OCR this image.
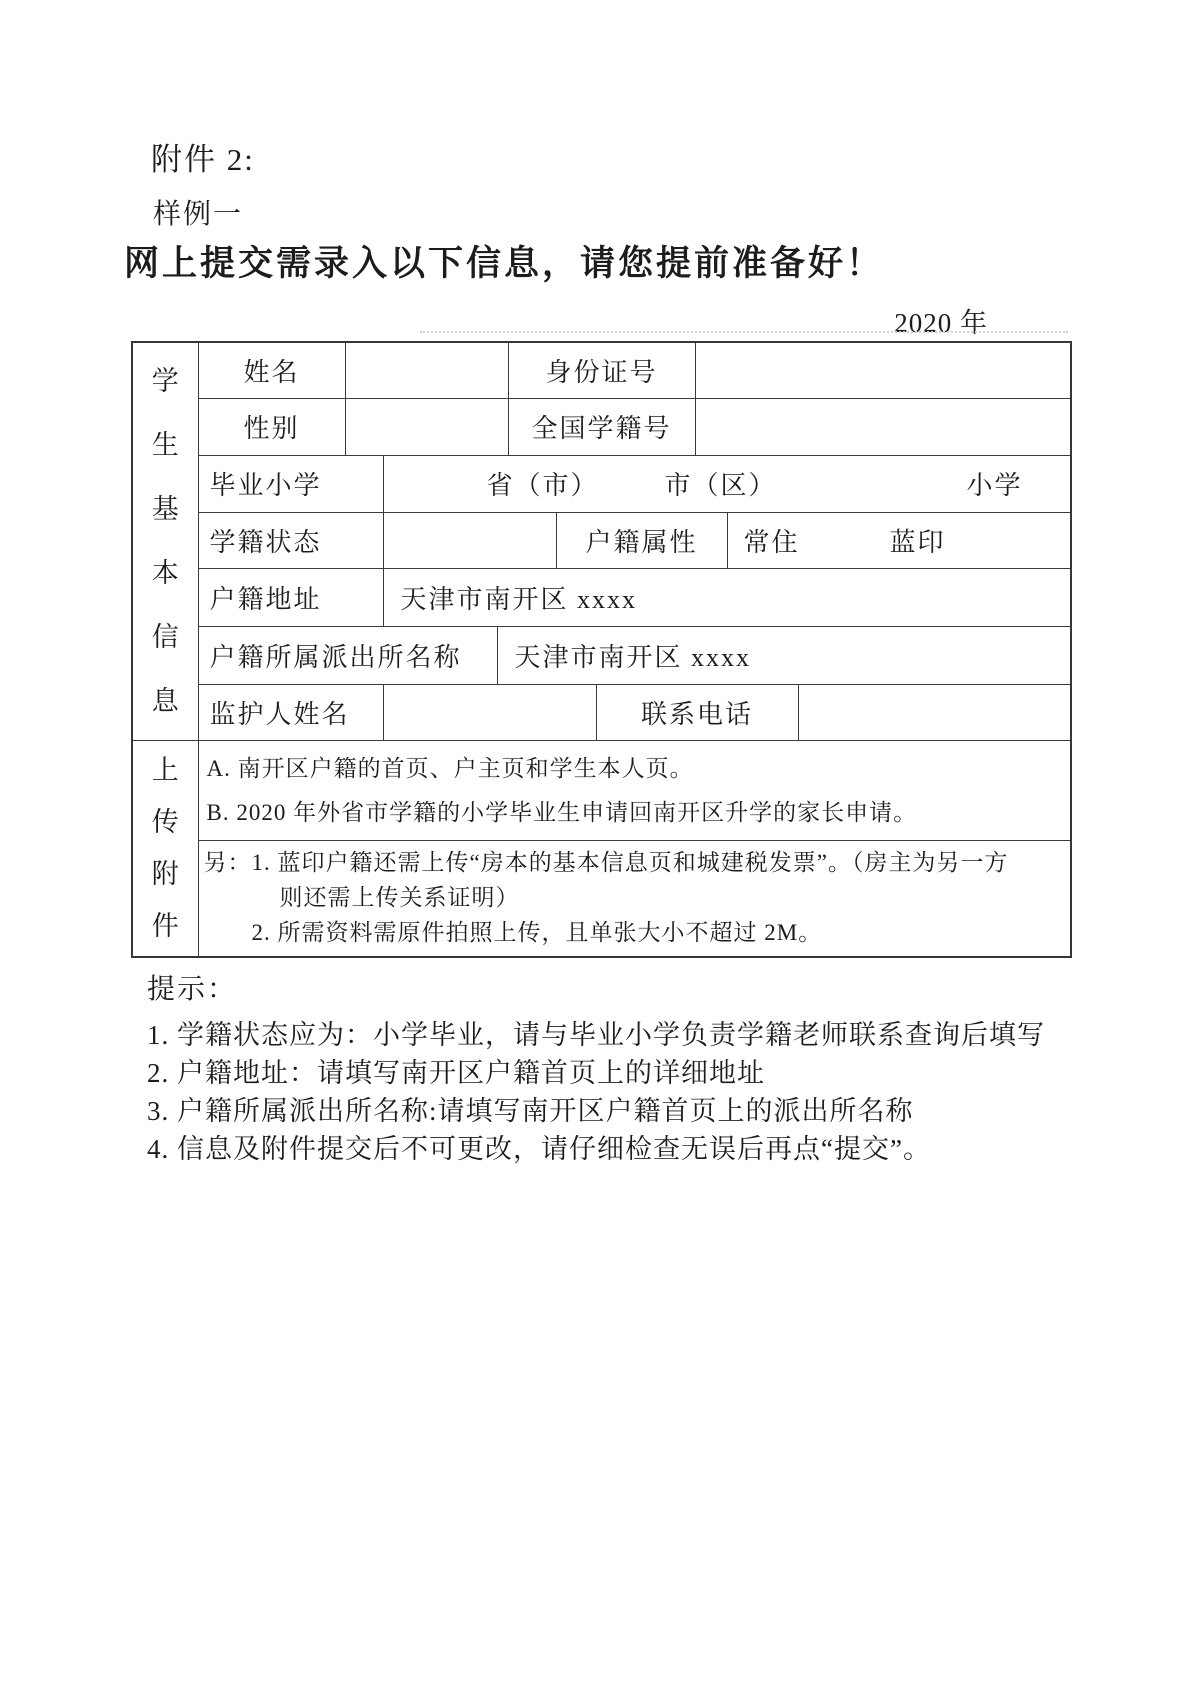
附件 2:
样例一
网上提交需录入以下信息，请您提前准备好！
2020 年
学生基本信息	姓名				身份证号					
	性别				全国学籍号					
	毕业小学		省（市） 市（区） 小学							

	学籍状态					户籍属性			常住 蓝印	

	户籍地址		天津市南开区 xxxx							
	户籍所属派出所名称			天津市南开区 xxxx						
	监护人姓名						联系电话			

上传附件	A. 南开区户籍的首页、户主页和学生本人页。
B. 2020 年外省市学籍的小学毕业生申请回南开区升学的家长申请。									

	另：1. 蓝印户籍还需上传“房本的基本信息页和城建税发票”。（房主为另一方
则还需上传关系证明）
2. 所需资料需原件拍照上传，且单张大小不超过 2M。									
提示：
1. 学籍状态应为：小学毕业，请与毕业小学负责学籍老师联系查询后填写
2. 户籍地址：请填写南开区户籍首页上的详细地址
3. 户籍所属派出所名称:请填写南开区户籍首页上的派出所名称
4. 信息及附件提交后不可更改，请仔细检查无误后再点“提交”。
